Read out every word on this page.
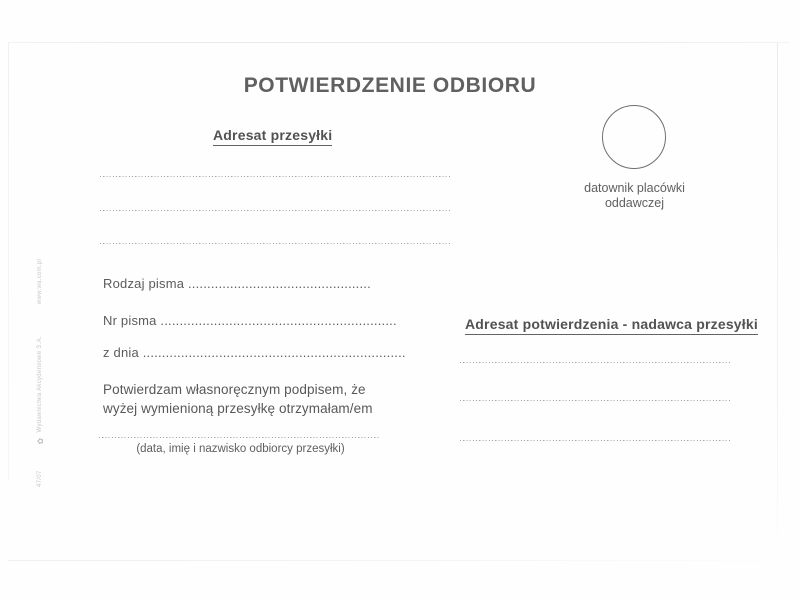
POTWIERDZENIE ODBIORU
Adresat przesyłki
datownik placówki oddawczej
Rodzaj pisma ................................................
Nr pisma ..............................................................
z dnia .....................................................................
Potwierdzam własnoręcznym podpisem, że wyżej wymienioną przesyłkę otrzymałam/em
(data, imię i nazwisko odbiorcy przesyłki)
Adresat potwierdzenia - nadawca przesyłki
47/07
✿
Wydawnictwa Akcydensowe S.A.
www.wa.com.pl
